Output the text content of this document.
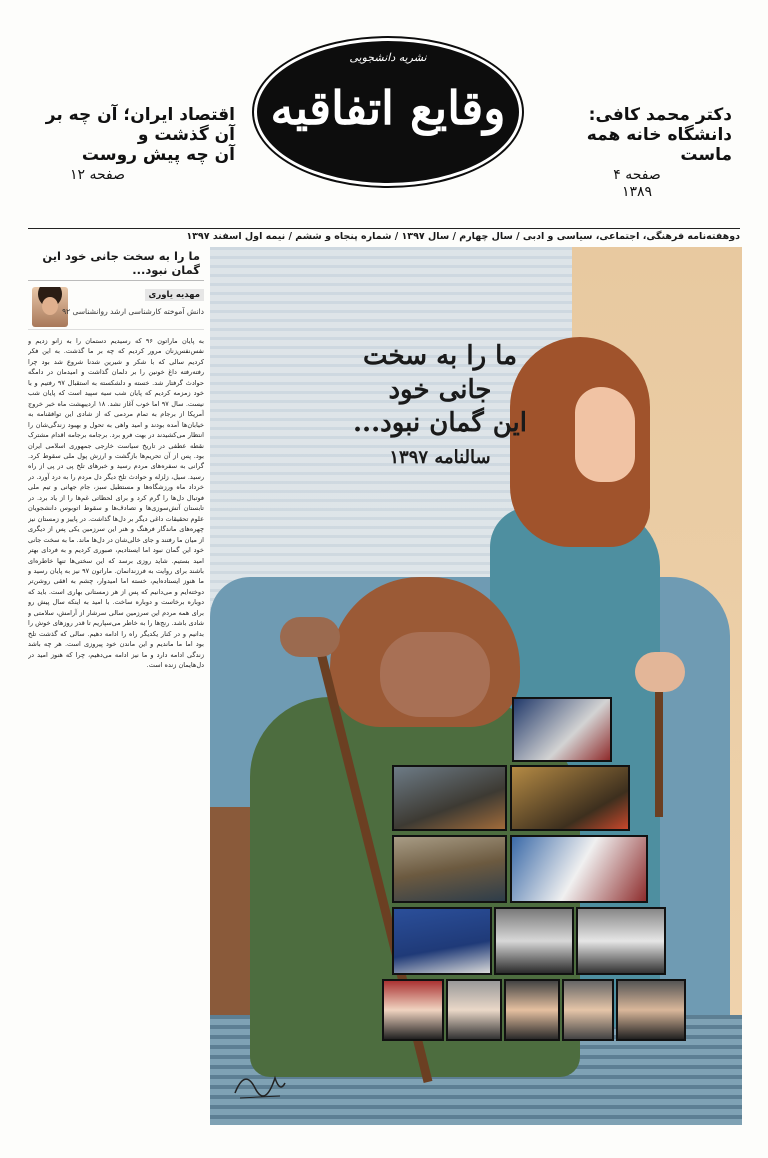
دکتر محمد کافی:
دانشگاه خانه همه ماست
صفحه ۴
نشریه دانشجویی
وقایع اتفاقیه
۱۳۸۹
اقتصاد ایران؛ آن چه بر آن گذشت و
آن چه پیش روست
صفحه ۱۲
دوهفته‌نامه فرهنگی، اجتماعی، سیاسی و ادبی / سال چهارم / سال ۱۳۹۷ / شماره پنجاه و ششم / نیمه اول اسفند ۱۳۹۷
ما را به سخت جانی خود
این گمان نبود...
سالنامه ۱۳۹۷
ما را به سخت جانی خود این گمان نبود...
مهدیه یاوری
دانش آموخته کارشناسی ارشد روانشناسی ۹۲
به پایان ماراتون ۹۶ که رسیدیم دستمان را به زانو زدیم و نفس‌نفس‌زنان مرور کردیم که چه بر ما گذشت. به این فکر کردیم سالی که با شکر و شیرین شدنا شروع شد بود چرا رفته‌رفته داغ خونین را بر دلمان گذاشت و امیدمان در دامگه حوادث گرفتار شد. خسته و دلشکسته به استقبال ۹۷ رفتیم و با خود زمزمه کردیم که پایان شب سیه سپید است که پایان شب نیست. سال ۹۷ اما خوب آغاز نشد. ۱۸ اردیبهشت ماه خبر خروج آمریکا از برجام به تمام مردمی که از شادی این توافقنامه به خیابان‌ها آمده بودند و امید واهی به تحول و بهبود زندگی‌شان را انتظار می‌کشیدند در بهت فرو برد. برجامه برجامه اقدام مشترک نقطه عطفی در تاریخ سیاست خارجی جمهوری اسلامی ایران بود. پس از آن تحریم‌ها بازگشت و ارزش پول ملی سقوط کرد. گرانی به سفره‌های مردم رسید و خبرهای تلخ پی در پی از راه رسید. سیل، زلزله و حوادث تلخ دیگر دل مردم را به درد آورد. در خرداد ماه ورزشگاه‌ها و مستطیل سبز، جام جهانی و تیم ملی فوتبال دل‌ها را گرم کرد و برای لحظاتی غم‌ها را از یاد برد. در تابستان آتش‌سوزی‌ها و تصادف‌ها و سقوط اتوبوس دانشجویان علوم تحقیقات داغی دیگر بر دل‌ها گذاشت. در پاییز و زمستان نیز چهره‌های ماندگار فرهنگ و هنر این سرزمین یکی پس از دیگری از میان ما رفتند و جای خالی‌شان در دل‌ها ماند. ما به سخت جانی خود این گمان نبود اما ایستادیم، صبوری کردیم و به فردای بهتر امید بستیم. شاید روزی برسد که این سختی‌ها تنها خاطره‌ای باشند برای روایت به فرزندانمان. ماراتون ۹۷ نیز به پایان رسید و ما هنوز ایستاده‌ایم، خسته اما امیدوار، چشم به افقی روشن‌تر دوخته‌ایم و می‌دانیم که پس از هر زمستانی بهاری است. باید که دوباره برخاست و دوباره ساخت. با امید به اینکه سال پیش رو برای همه مردم این سرزمین سالی سرشار از آرامش، سلامتی و شادی باشد. رنج‌ها را به خاطر می‌سپاریم تا قدر روزهای خوش را بدانیم و در کنار یکدیگر راه را ادامه دهیم. سالی که گذشت تلخ بود اما ما ماندیم و این ماندن خود پیروزی است. هر چه باشد زندگی ادامه دارد و ما نیز ادامه می‌دهیم، چرا که هنوز امید در دل‌هایمان زنده است.
